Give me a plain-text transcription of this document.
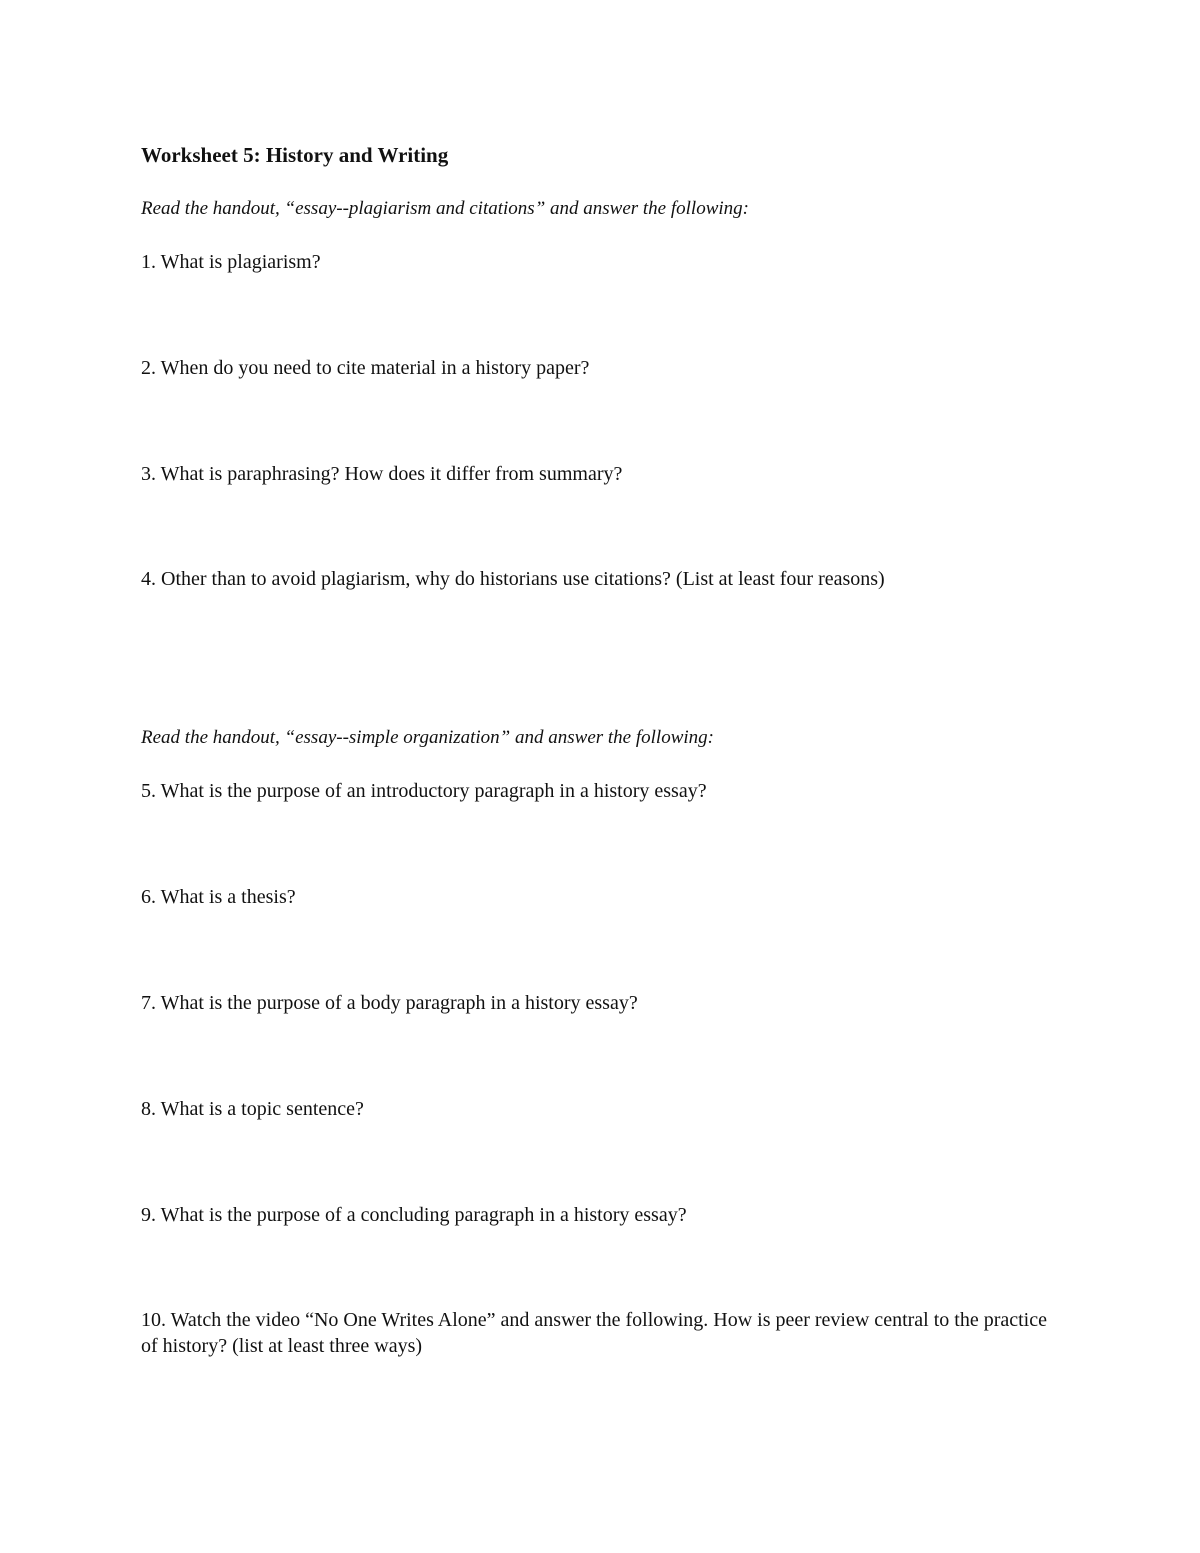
Worksheet 5: History and Writing
Read the handout, “essay--plagiarism and citations” and answer the following:
1. What is plagiarism?
2. When do you need to cite material in a history paper?
3. What is paraphrasing? How does it differ from summary?
4. Other than to avoid plagiarism, why do historians use citations? (List at least four reasons)
Read the handout, “essay--simple organization” and answer the following:
5. What is the purpose of an introductory paragraph in a history essay?
6. What is a thesis?
7. What is the purpose of a body paragraph in a history essay?
8. What is a topic sentence?
9. What is the purpose of a concluding paragraph in a history essay?
10. Watch the video “No One Writes Alone” and answer the following. How is peer review central to the practice of history? (list at least three ways)
